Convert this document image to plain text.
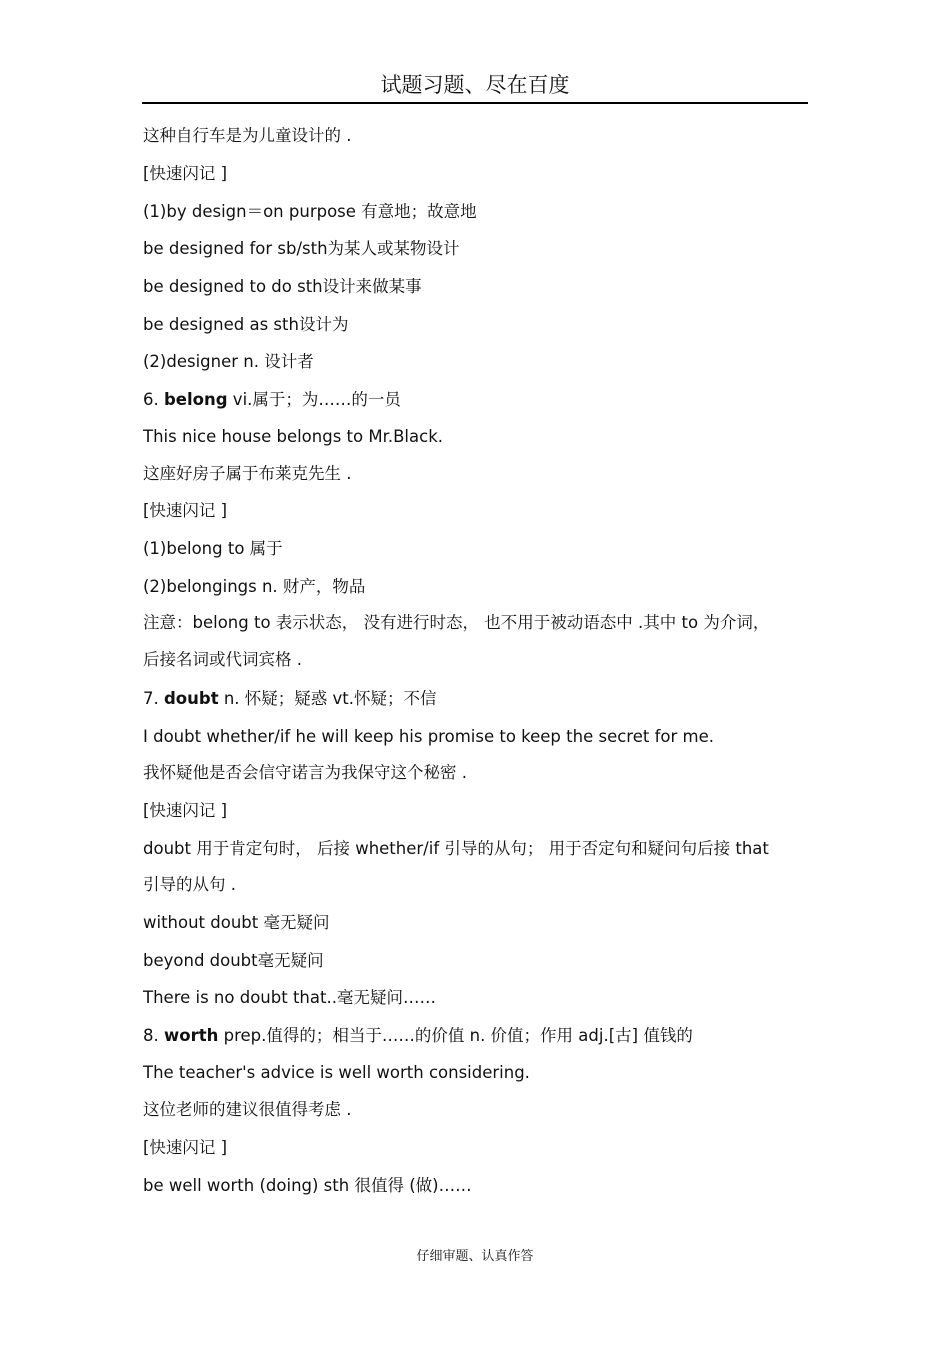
试题习题、尽在百度
这种自行车是为儿童设计的 .
[快速闪记 ]
(1)by design＝on purpose 有意地；故意地
be designed for sb/sth为某人或某物设计
be designed to do sth设计来做某事
be designed as sth设计为
(2)designer n. 设计者
6. belong vi.属于；为……的一员
This nice house belongs to Mr.Black.
这座好房子属于布莱克先生 .
[快速闪记 ]
(1)belong to 属于
(2)belongings n. 财产，物品
注意：belong to 表示状态， 没有进行时态， 也不用于被动语态中 .其中 to 为介词，
后接名词或代词宾格 .
7. doubt n. 怀疑；疑惑 vt.怀疑；不信
I doubt whether/if he will keep his promise to keep the secret for me.
我怀疑他是否会信守诺言为我保守这个秘密 .
[快速闪记 ]
doubt 用于肯定句时， 后接 whether/if 引导的从句； 用于否定句和疑问句后接 that
引导的从句 .
without doubt 毫无疑问
beyond doubt毫无疑问
There is no doubt that..毫无疑问……
8. worth prep.值得的；相当于……的价值 n. 价值；作用 adj.[古] 值钱的
The teacher's advice is well worth considering.
这位老师的建议很值得考虑 .
[快速闪记 ]
be well worth (doing) sth 很值得 (做)……
仔细审题、认真作答
